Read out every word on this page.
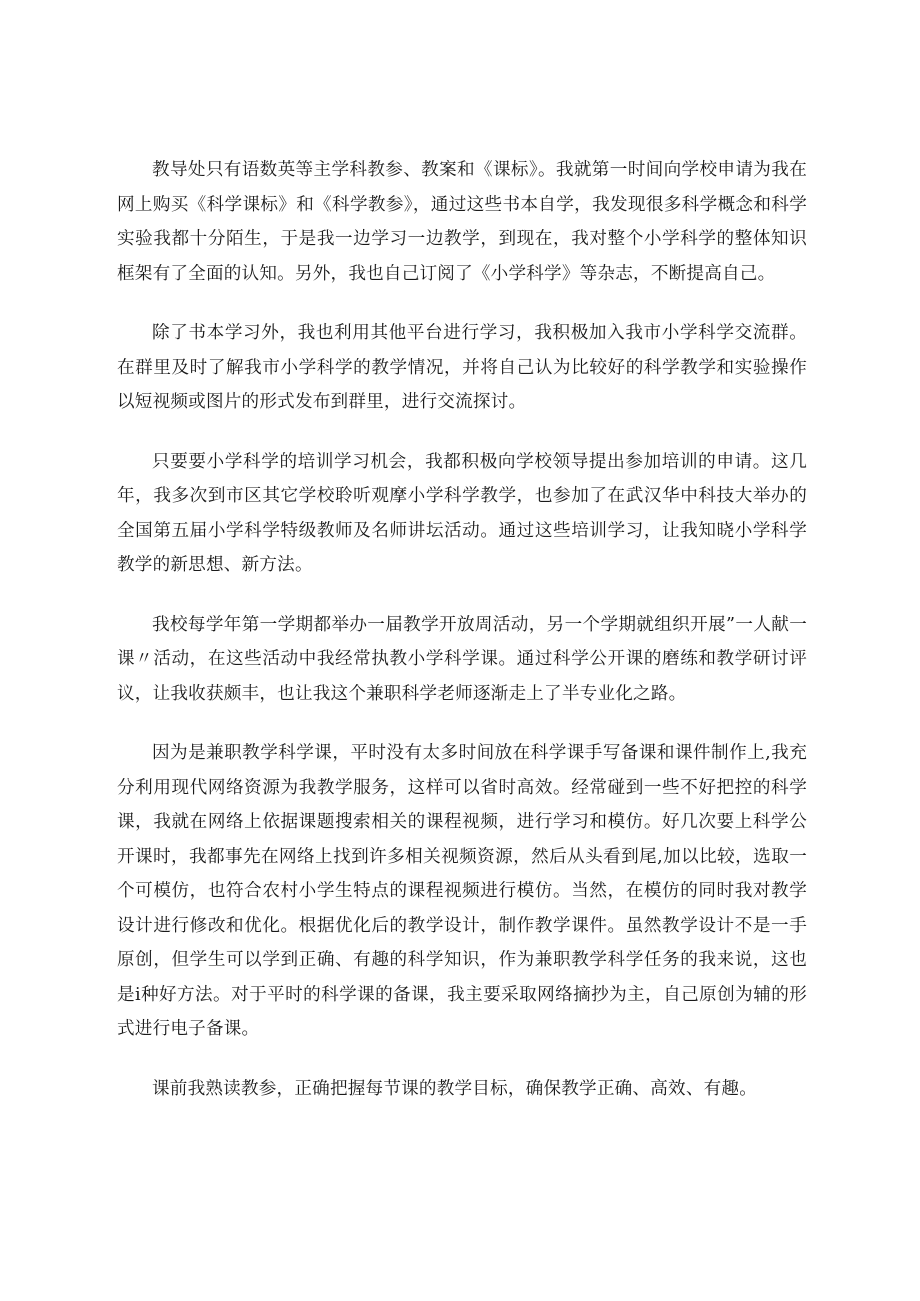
教导处只有语数英等主学科教参、教案和《课标》。我就第一时间向学校申请为我在网上购买《科学课标》和《科学教参》，通过这些书本自学，我发现很多科学概念和科学实验我都十分陌生，于是我一边学习一边教学，到现在，我对整个小学科学的整体知识框架有了全面的认知。另外，我也自己订阅了《小学科学》等杂志，不断提高自己。

除了书本学习外，我也利用其他平台进行学习，我积极加入我市小学科学交流群。在群里及时了解我市小学科学的教学情况，并将自己认为比较好的科学教学和实验操作以短视频或图片的形式发布到群里，进行交流探讨。

只要要小学科学的培训学习机会，我都积极向学校领导提出参加培训的申请。这几年，我多次到市区其它学校聆听观摩小学科学教学，也参加了在武汉华中科技大举办的全国第五届小学科学特级教师及名师讲坛活动。通过这些培训学习，让我知晓小学科学教学的新思想、新方法。

我校每学年第一学期都举办一届教学开放周活动，另一个学期就组织开展”一人献一课〃活动，在这些活动中我经常执教小学科学课。通过科学公开课的磨练和教学研讨评议，让我收获颇丰，也让我这个兼职科学老师逐渐走上了半专业化之路。

因为是兼职教学科学课，平时没有太多时间放在科学课手写备课和课件制作上,我充分利用现代网络资源为我教学服务，这样可以省时高效。经常碰到一些不好把控的科学课，我就在网络上依据课题搜索相关的课程视频，进行学习和模仿。好几次要上科学公开课时，我都事先在网络上找到许多相关视频资源，然后从头看到尾,加以比较，选取一个可模仿，也符合农村小学生特点的课程视频进行模仿。当然，在模仿的同时我对教学设计进行修改和优化。根据优化后的教学设计，制作教学课件。虽然教学设计不是一手原创，但学生可以学到正确、有趣的科学知识，作为兼职教学科学任务的我来说，这也是i种好方法。对于平时的科学课的备课，我主要采取网络摘抄为主，自己原创为辅的形式进行电子备课。

课前我熟读教参，正确把握每节课的教学目标，确保教学正确、高效、有趣。
